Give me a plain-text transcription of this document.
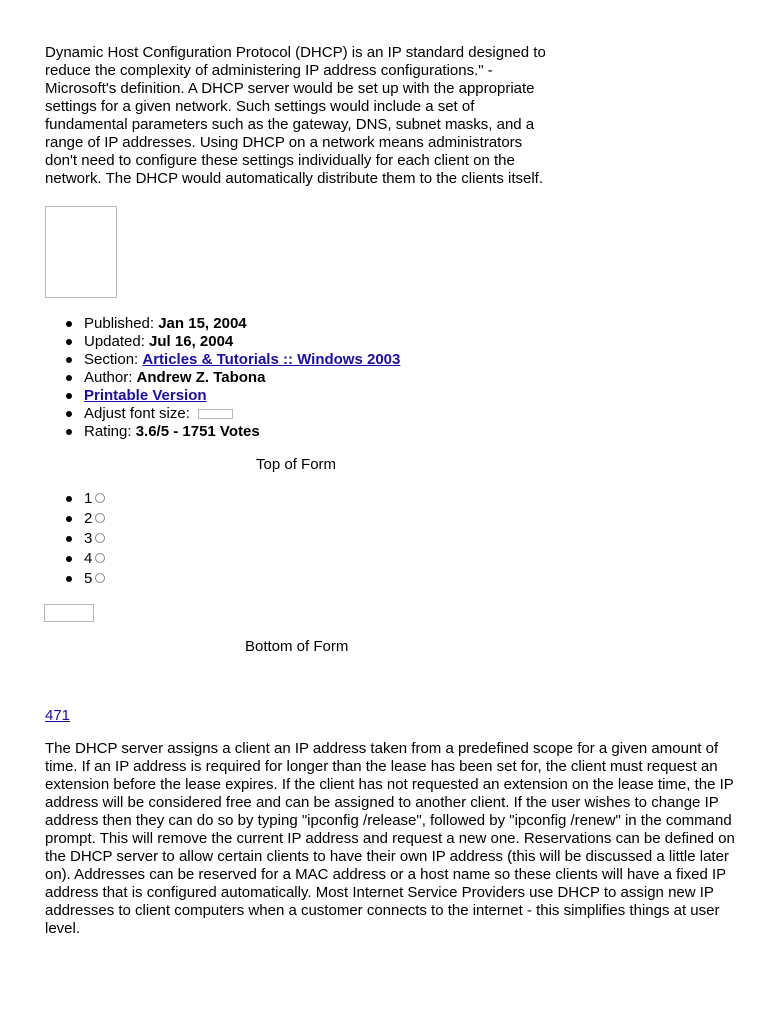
Dynamic Host Configuration Protocol (DHCP) is an IP standard designed to reduce the complexity of administering IP address configurations." - Microsoft's definition. A DHCP server would be set up with the appropriate settings for a given network. Such settings would include a set of fundamental parameters such as the gateway, DNS, subnet masks, and a range of IP addresses. Using DHCP on a network means administrators don't need to configure these settings individually for each client on the network. The DHCP would automatically distribute them to the clients itself.

Published: Jan 15, 2004
Updated: Jul 16, 2004
Section: Articles & Tutorials :: Windows 2003
Author: Andrew Z. Tabona
Printable Version
Adjust font size:
Rating: 3.6/5 - 1751 Votes
Top of Form
1
2
3
4
5
Bottom of Form
471

The DHCP server assigns a client an IP address taken from a predefined scope for a given amount of time. If an IP address is required for longer than the lease has been set for, the client must request an extension before the lease expires. If the client has not requested an extension on the lease time, the IP address will be considered free and can be assigned to another client. If the user wishes to change IP address then they can do so by typing "ipconfig /release", followed by "ipconfig /renew" in the command prompt. This will remove the current IP address and request a new one. Reservations can be defined on the DHCP server to allow certain clients to have their own IP address (this will be discussed a little later on). Addresses can be reserved for a MAC address or a host name so these clients will have a fixed IP address that is configured automatically. Most Internet Service Providers use DHCP to assign new IP addresses to client computers when a customer connects to the internet - this simplifies things at user level.
